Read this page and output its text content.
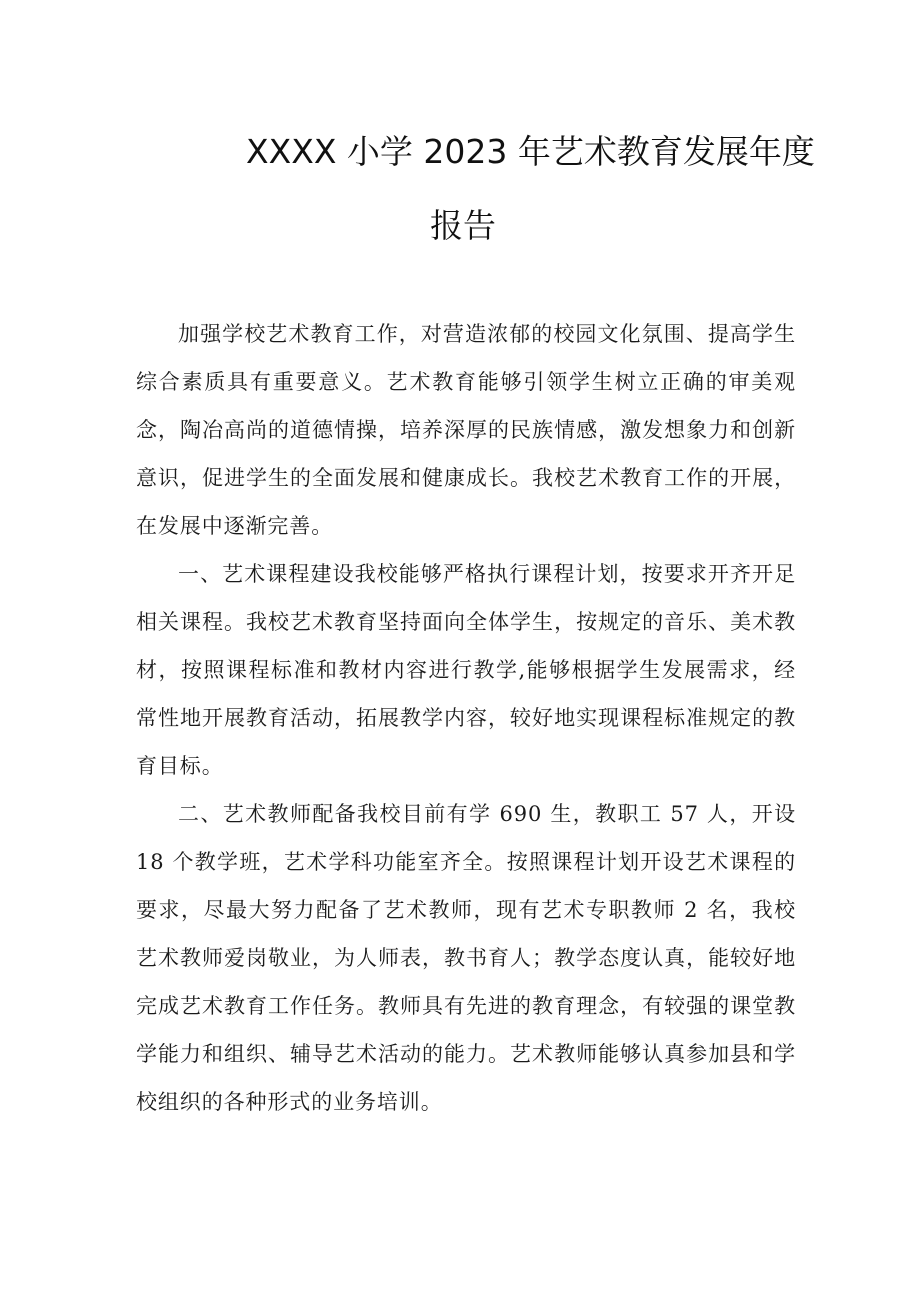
XXXX 小学 2023 年艺术教育发展年度
报告

加强学校艺术教育工作，对营造浓郁的校园文化氛围、提高学生综合素质具有重要意义。艺术教育能够引领学生树立正确的审美观念，陶冶高尚的道德情操，培养深厚的民族情感，激发想象力和创新意识，促进学生的全面发展和健康成长。我校艺术教育工作的开展，在发展中逐渐完善。

一、艺术课程建设我校能够严格执行课程计划，按要求开齐开足相关课程。我校艺术教育坚持面向全体学生，按规定的音乐、美术教材，按照课程标准和教材内容进行教学,能够根据学生发展需求，经常性地开展教育活动，拓展教学内容，较好地实现课程标准规定的教育目标。

二、艺术教师配备我校目前有学 690 生，教职工 57 人，开设 18 个教学班，艺术学科功能室齐全。按照课程计划开设艺术课程的要求，尽最大努力配备了艺术教师，现有艺术专职教师 2 名，我校艺术教师爱岗敬业，为人师表，教书育人；教学态度认真，能较好地完成艺术教育工作任务。教师具有先进的教育理念，有较强的课堂教学能力和组织、辅导艺术活动的能力。艺术教师能够认真参加县和学校组织的各种形式的业务培训。
